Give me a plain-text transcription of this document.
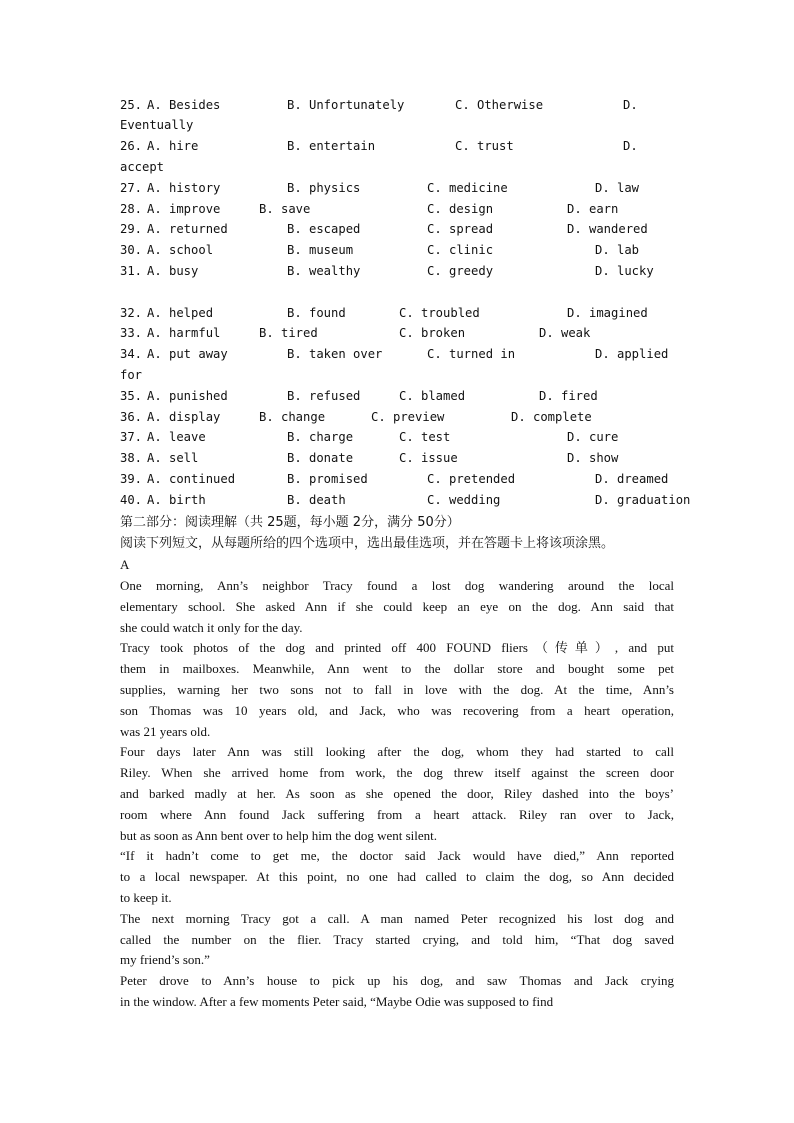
25. A. Besides	B. Unfortunately	C. Otherwise	D.
Eventually
26. A. hire	B. entertain	C. trust	D.
accept
27. A. history	B. physics	C. medicine	D. law
28. A. improve	B. save	C. design	D. earn
29. A. returned	B. escaped	C. spread	D. wandered
30. A. school	B. museum	C. clinic	D. lab
31. A. busy	B. wealthy	C. greedy	D. lucky
32. A. helped	B. found	C. troubled	D. imagined
33. A. harmful	B. tired	C. broken	D. weak
34. A. put away	B. taken over	C. turned in	D. applied
for
35. A. punished	B. refused	C. blamed	D. fired
36. A. display	B. change	C. preview	D. complete
37. A. leave	B. charge	C. test	D. cure
38. A. sell	B. donate	C. issue	D. show
39. A. continued	B. promised	C. pretended	D. dreamed
40. A. birth	B. death	C. wedding	D. graduation
第二部分：阅读理解（共 25题，每小题 2分，满分 50分）
阅读下列短文，从每题所给的四个选项中，选出最佳选项，并在答题卡上将该项涂黑。
A
One morning, Ann’s neighbor Tracy found a lost dog wandering around the local
elementary school. She asked Ann if she could keep an eye on the dog. Ann said that
she could watch it only for the day.
Tracy took photos of the dog and printed off 400 FOUND fliers（传单）, and put
them in mailboxes. Meanwhile, Ann went to the dollar store and bought some pet
supplies, warning her two sons not to fall in love with the dog. At the time, Ann’s
son Thomas was 10 years old, and Jack, who was recovering from a heart operation,
was 21 years old.
Four days later Ann was still looking after the dog, whom they had started to call
Riley. When she arrived home from work, the dog threw itself against the screen door
and barked madly at her. As soon as she opened the door, Riley dashed into the boys’
room where Ann found Jack suffering from a heart attack. Riley ran over to Jack,
but as soon as Ann bent over to help him the dog went silent.
“If it hadn’t come to get me, the doctor said Jack would have died,” Ann reported
to a local newspaper. At this point, no one had called to claim the dog, so Ann decided
to keep it.
The next morning Tracy got a call. A man named Peter recognized his lost dog and
called the number on the flier. Tracy started crying, and told him, “That dog saved
my friend’s son.”
Peter drove to Ann’s house to pick up his dog, and saw Thomas and Jack crying
in the window. After a few moments Peter said, “Maybe Odie was supposed to find
